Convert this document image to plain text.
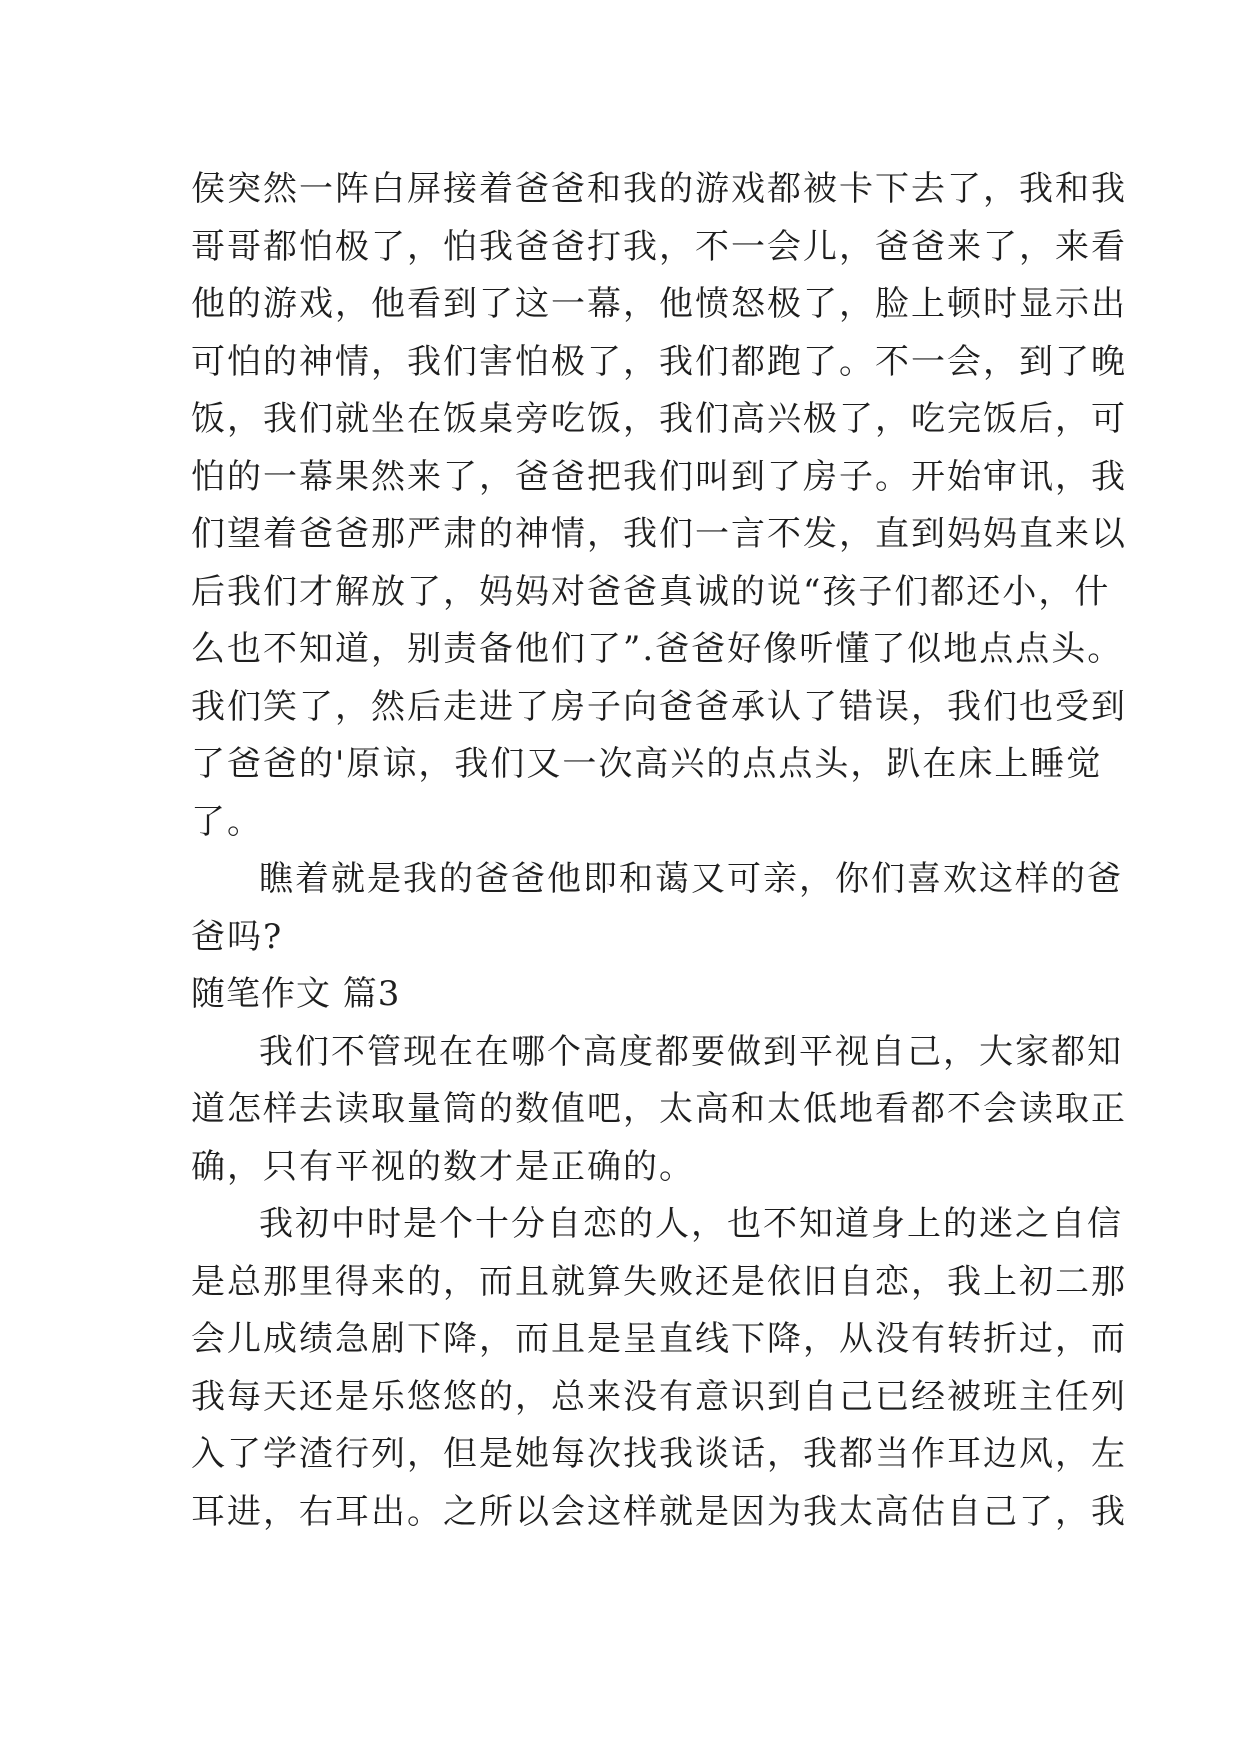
侯突然一阵白屏接着爸爸和我的游戏都被卡下去了，我和我
哥哥都怕极了，怕我爸爸打我，不一会儿，爸爸来了，来看
他的游戏，他看到了这一幕，他愤怒极了，脸上顿时显示出
可怕的神情，我们害怕极了，我们都跑了。不一会，到了晚
饭，我们就坐在饭桌旁吃饭，我们高兴极了，吃完饭后，可
怕的一幕果然来了，爸爸把我们叫到了房子。开始审讯，我
们望着爸爸那严肃的神情，我们一言不发，直到妈妈直来以
后我们才解放了，妈妈对爸爸真诚的说“孩子们都还小，什
么也不知道，别责备他们了”.爸爸好像听懂了似地点点头。
我们笑了，然后走进了房子向爸爸承认了错误，我们也受到
了爸爸的'原谅，我们又一次高兴的点点头，趴在床上睡觉
了。
瞧着就是我的爸爸他即和蔼又可亲，你们喜欢这样的爸
爸吗?
随笔作文 篇3
我们不管现在在哪个高度都要做到平视自己，大家都知
道怎样去读取量筒的数值吧，太高和太低地看都不会读取正
确，只有平视的数才是正确的。
我初中时是个十分自恋的人，也不知道身上的迷之自信
是总那里得来的，而且就算失败还是依旧自恋，我上初二那
会儿成绩急剧下降，而且是呈直线下降，从没有转折过，而
我每天还是乐悠悠的，总来没有意识到自己已经被班主任列
入了学渣行列，但是她每次找我谈话，我都当作耳边风，左
耳进，右耳出。之所以会这样就是因为我太高估自己了，我
